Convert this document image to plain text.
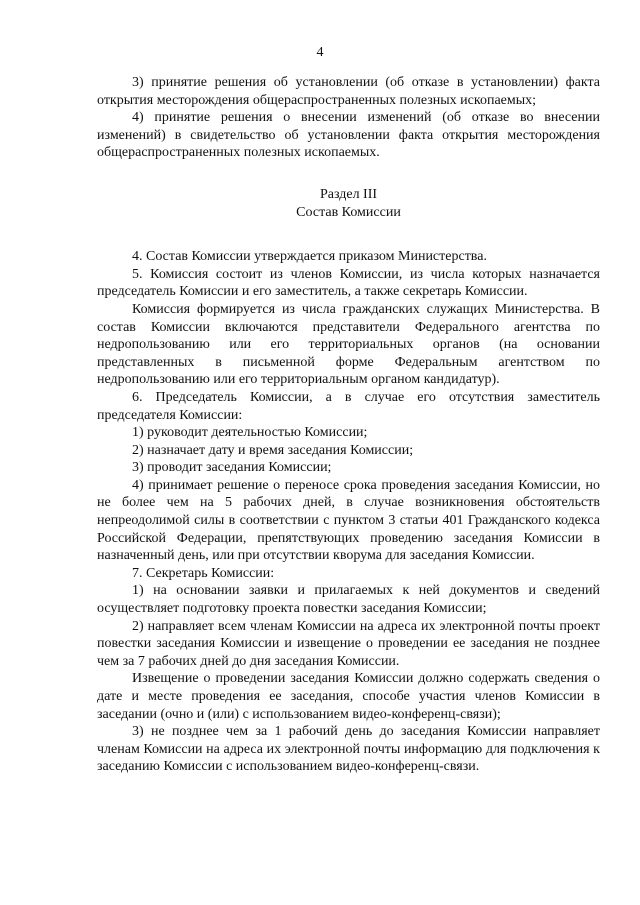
4

3) принятие решения об установлении (об отказе в установлении) факта открытия месторождения общераспространенных полезных ископаемых;

4) принятие решения о внесении изменений (об отказе во внесении изменений) в свидетельство об установлении факта открытия месторождения общераспространенных полезных ископаемых.

Раздел III
Состав Комиссии

4. Состав Комиссии утверждается приказом Министерства.

5. Комиссия состоит из членов Комиссии, из числа которых назначается председатель Комиссии и его заместитель, а также секретарь Комиссии.

Комиссия формируется из числа гражданских служащих Министерства. В состав Комиссии включаются представители Федерального агентства по недропользованию или его территориальных органов (на основании представленных в письменной форме Федеральным агентством по недропользованию или его территориальным органом кандидатур).

6. Председатель Комиссии, а в случае его отсутствия заместитель председателя Комиссии:

1) руководит деятельностью Комиссии;

2) назначает дату и время заседания Комиссии;

3) проводит заседания Комиссии;

4) принимает решение о переносе срока проведения заседания Комиссии, но не более чем на 5 рабочих дней, в случае возникновения обстоятельств непреодолимой силы в соответствии с пунктом 3 статьи 401 Гражданского кодекса Российской Федерации, препятствующих проведению заседания Комиссии в назначенный день, или при отсутствии кворума для заседания Комиссии.

7. Секретарь Комиссии:

1) на основании заявки и прилагаемых к ней документов и сведений осуществляет подготовку проекта повестки заседания Комиссии;

2) направляет всем членам Комиссии на адреса их электронной почты проект повестки заседания Комиссии и извещение о проведении ее заседания не позднее чем за 7 рабочих дней до дня заседания Комиссии.

Извещение о проведении заседания Комиссии должно содержать сведения о дате и месте проведения ее заседания, способе участия членов Комиссии в заседании (очно и (или) с использованием видео-конференц-связи);

3) не позднее чем за 1 рабочий день до заседания Комиссии направляет членам Комиссии на адреса их электронной почты информацию для подключения к заседанию Комиссии с использованием видео-конференц-связи.
